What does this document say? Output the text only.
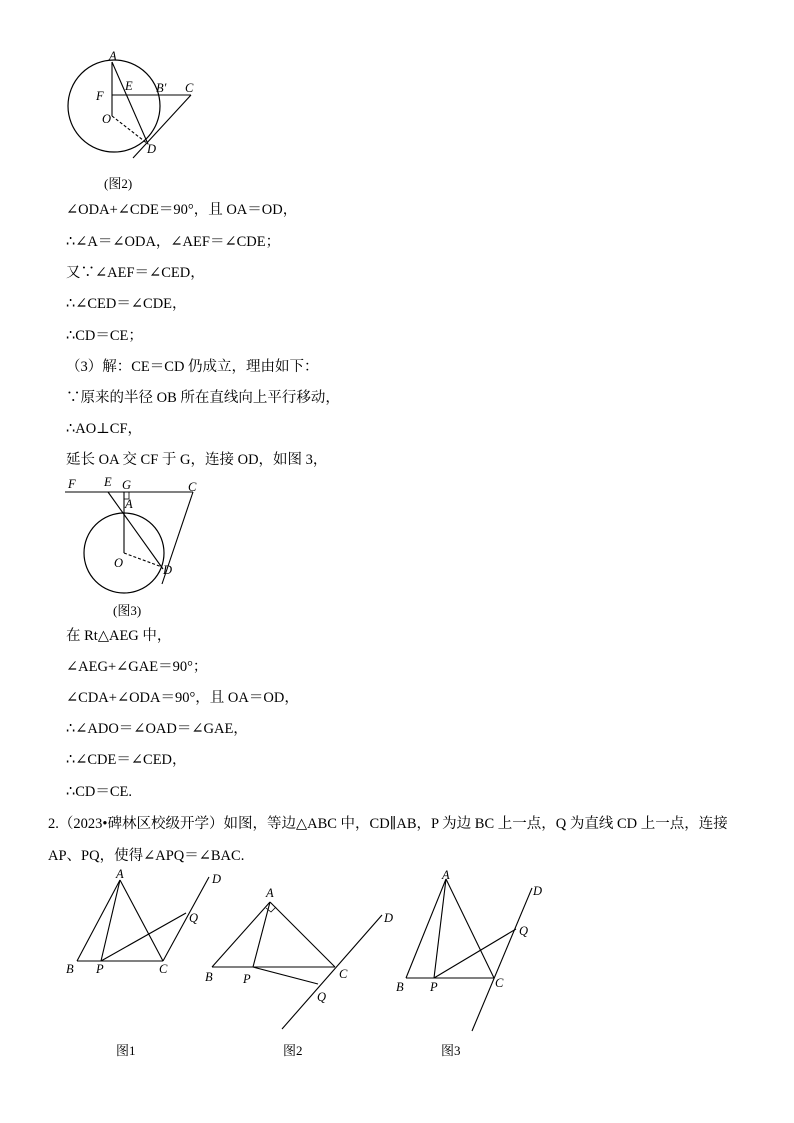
A
E B′ C
F
O
D
(图2)
∠ODA+∠CDE＝90°，且 OA＝OD，
∴∠A＝∠ODA，∠AEF＝∠CDE；
又∵∠AEF＝∠CED，
∴∠CED＝∠CDE，
∴CD＝CE；
（3）解：CE＝CD 仍成立，理由如下：
∵原来的半径 OB 所在直线向上平行移动，
∴AO⊥CF，
延长 OA 交 CF 于 G，连接 OD，如图 3，
F E G	C
A
O	D
(图3)
在 Rt△AEG 中，
∠AEG+∠GAE＝90°；
∠CDA+∠ODA＝90°，且 OA＝OD，
∴∠ADO＝∠OAD＝∠GAE，
∴∠CDE＝∠CED，
∴CD＝CE.
2.（2023•碑林区校级开学）如图，等边△ABC 中，CD∥AB，P 为边 BC 上一点，Q 为直线 CD 上一点，连接 AP、PQ，使得∠APQ＝∠BAC.
A
B P	C
Q
D
图1
A
B P	C
Q
D
图2
A
B P	C
Q
D
图3
